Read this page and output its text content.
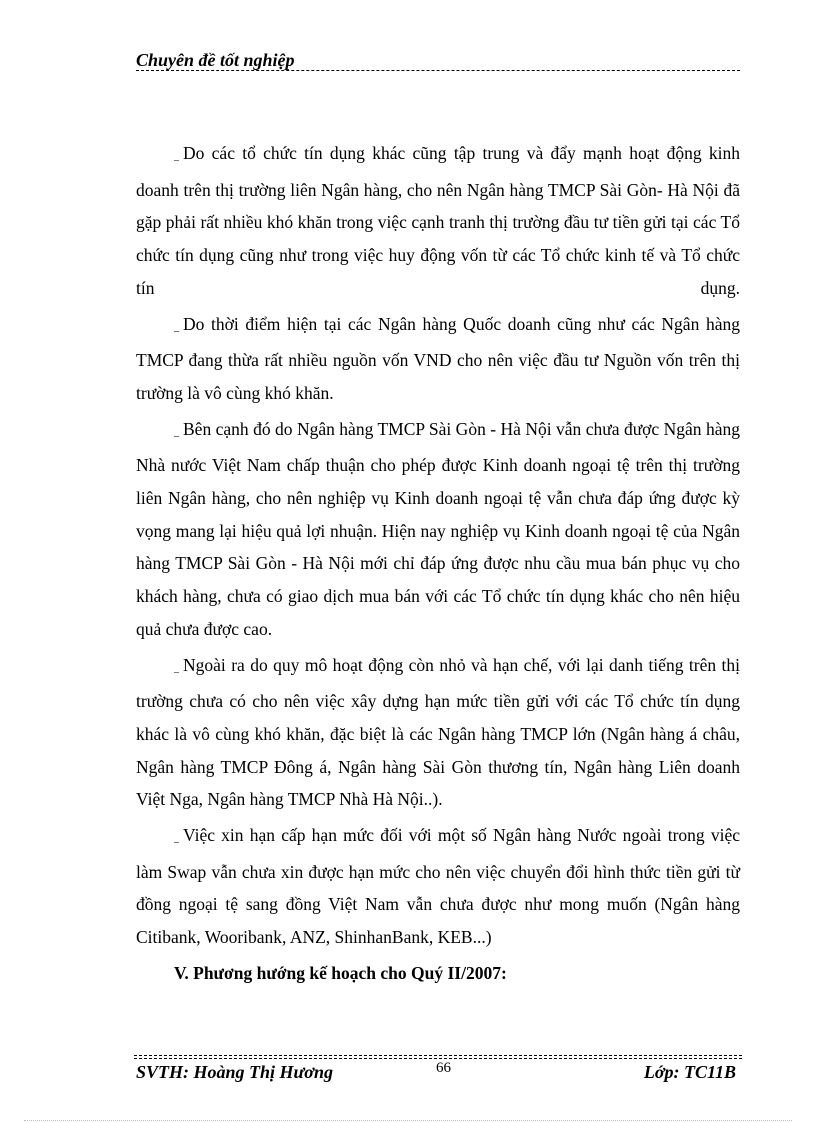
Chuyên đề tốt nghiệp

_ Do các tổ chức tín dụng khác cũng tập trung và đẩy mạnh hoạt động kinh doanh trên thị trường liên Ngân hàng, cho nên Ngân hàng TMCP Sài Gòn- Hà Nội đã gặp phải rất nhiều khó khăn trong việc cạnh tranh thị trường đầu tư tiền gửi tại các Tổ chức tín dụng cũng như trong việc huy động vốn từ các Tổ chức kinh tế và Tổ chức tín dụng.

_ Do thời điểm hiện tại các Ngân hàng Quốc doanh cũng như các Ngân hàng TMCP đang thừa rất nhiều nguồn vốn VND cho nên việc đầu tư Nguồn vốn trên thị trường là vô cùng khó khăn.

_ Bên cạnh đó do Ngân hàng TMCP Sài Gòn - Hà Nội vẫn chưa được Ngân hàng Nhà nước Việt Nam chấp thuận cho phép được Kinh doanh ngoại tệ trên thị trường liên Ngân hàng, cho nên nghiệp vụ Kinh doanh ngoại tệ vẫn chưa đáp ứng được kỳ vọng mang lại hiệu quả lợi nhuận. Hiện nay nghiệp vụ Kinh doanh ngoại tệ của Ngân hàng TMCP Sài Gòn - Hà Nội mới chỉ đáp ứng được nhu cầu mua bán phục vụ cho khách hàng, chưa có giao dịch mua bán với các Tổ chức tín dụng khác cho nên hiệu quả chưa được cao.

_ Ngoài ra do quy mô hoạt động còn nhỏ và hạn chế, với lại danh tiếng trên thị trường chưa có cho nên việc xây dựng hạn mức tiền gửi với các Tổ chức tín dụng khác là vô cùng khó khăn, đặc biệt là các Ngân hàng TMCP lớn (Ngân hàng á châu, Ngân hàng TMCP Đông á, Ngân hàng Sài Gòn thương tín, Ngân hàng Liên doanh Việt Nga, Ngân hàng TMCP Nhà Hà Nội..).

_ Việc xin hạn cấp hạn mức đối với một số Ngân hàng Nước ngoài trong việc làm Swap vẫn chưa xin được hạn mức cho nên việc chuyển đổi hình thức tiền gửi từ đồng ngoại tệ sang đồng Việt Nam vẫn chưa được như mong muốn (Ngân hàng Citibank, Wooribank, ANZ, ShinhanBank, KEB...)

V. Phương hướng kế hoạch cho Quý II/2007:

SVTH: Hoàng Thị Hương	66	Lớp: TC11B
